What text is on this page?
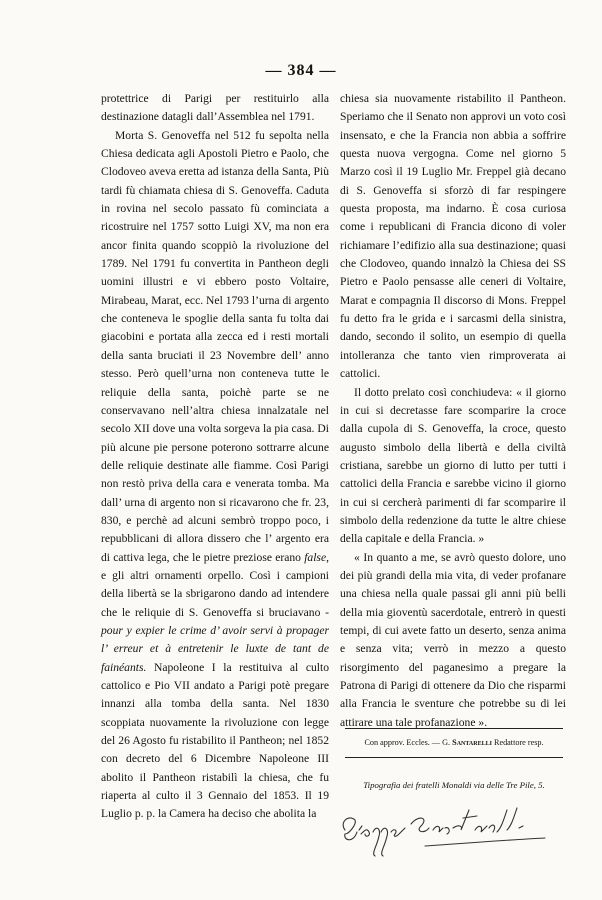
— 384 —

protettrice di Parigi per restituirlo alla destinazione datagli dall’Assemblea nel 1791.

Morta S. Genoveffa nel 512 fu sepolta nella Chiesa dedicata agli Apostoli Pietro e Paolo, che Clodoveo aveva eretta ad istanza della Santa, Più tardi fù chiamata chiesa di S. Genoveffa. Caduta in rovina nel secolo passato fù cominciata a ricostruire nel 1757 sotto Luigi XV, ma non era ancor finita quando scoppiò la rivoluzione del 1789. Nel 1791 fu convertita in Pantheon degli uomini illustri e vi ebbero posto Voltaire, Mirabeau, Marat, ecc. Nel 1793 l’urna di argento che conteneva le spoglie della santa fu tolta dai giacobini e portata alla zecca ed i resti mortali della santa bruciati il 23 Novembre dell’ anno stesso. Però quell’urna non conteneva tutte le reliquie della santa, poichè parte se ne conservavano nell’altra chiesa innalzatale nel secolo XII dove una volta sorgeva la pia casa. Di più alcune pie persone poterono sottrarre alcune delle reliquie destinate alle fiamme. Così Parigi non restò priva della cara e venerata tomba. Ma dall’ urna di argento non si ricavarono che fr. 23, 830, e perchè ad alcuni sembrò troppo poco, i repubblicani di allora dissero che l’ argento era di cattiva lega, che le pietre preziose erano false, e gli altri ornamenti orpello. Così i campioni della libertà se la sbrigarono dando ad intendere che le reliquie di S. Genoveffa si bruciavano - pour y expier le crime d’ avoir servi à propager l’ erreur et à entretenir le luxte de tant de fainéants. Napoleone I la restituiva al culto cattolico e Pio VII andato a Parigi potè pregare innanzi alla tomba della santa. Nel 1830 scoppiata nuovamente la rivoluzione con legge del 26 Agosto fu ristabilito il Pantheon; nel 1852 con decreto del 6 Dicembre Napoleone III abolito il Pantheon ristabilì la chiesa, che fu riaperta al culto il 3 Gennaio del 1853. Il 19 Luglio p. p. la Camera ha deciso che abolita la

chiesa sia nuovamente ristabilito il Pantheon. Speriamo che il Senato non approvi un voto così insensato, e che la Francia non abbia a soffrire questa nuova vergogna. Come nel giorno 5 Marzo così il 19 Luglio Mr. Freppel già decano di S. Genoveffa si sforzò di far respingere questa proposta, ma indarno. È cosa curiosa come i republicani di Francia dicono di voler richiamare l’edifizio alla sua destinazione; quasi che Clodoveo, quando innalzò la Chiesa dei SS Pietro e Paolo pensasse alle ceneri di Voltaire, Marat e compagnia Il discorso di Mons. Freppel fu detto fra le grida e i sarcasmi della sinistra, dando, secondo il solito, un esempio di quella intolleranza che tanto vien rimproverata ai cattolici.

Il dotto prelato così conchiudeva: « il giorno in cui si decretasse fare scomparire la croce dalla cupola di S. Genoveffa, la croce, questo augusto simbolo della libertà e della civiltà cristiana, sarebbe un giorno di lutto per tutti i cattolici della Francia e sarebbe vicino il giorno in cui si cercherà parimenti di far scomparire il simbolo della redenzione da tutte le altre chiese della capitale e della Francia. »

« In quanto a me, se avrò questo dolore, uno dei più grandi della mia vita, di veder profanare una chiesa nella quale passai gli anni più belli della mia gioventù sacerdotale, entrerò in questi tempi, di cui avete fatto un deserto, senza anima e senza vita; verrò in mezzo a questo risorgimento del paganesimo a pregare la Patrona di Parigi di ottenere da Dio che risparmi alla Francia le sventure che potrebbe su di lei attirare una tale profanazione ».

Con approv. Eccles. — G. Santarelli Redattore resp.
Tipografia dei fratelli Monaldi via delle Tre Pile, 5.
Giuseppe Santarelli
